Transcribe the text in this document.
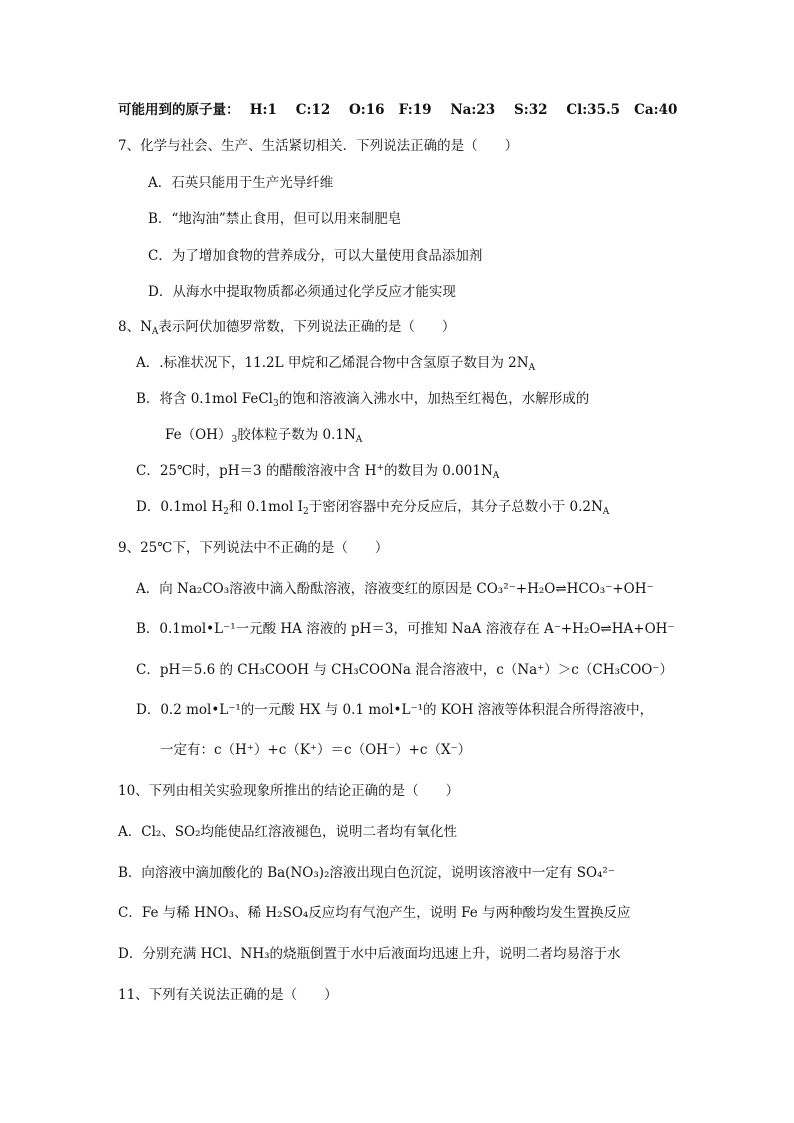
可能用到的原子量： H:1    C:12    O:16   F:19    Na:23    S:32    Cl:35.5   Ca:40
7、化学与社会、生产、生活紧切相关．下列说法正确的是（　　）
A．石英只能用于生产光导纤维
B．“地沟油”禁止食用，但可以用来制肥皂
C．为了增加食物的营养成分，可以大量使用食品添加剂
D．从海水中提取物质都必须通过化学反应才能实现
8、$N_A$表示阿伏加德罗常数，下列说法正确的是（　　）
A．.标准状况下，11.2L 甲烷和乙烯混合物中含氢原子数目为 $2N_A$
B．将含 0.1mol FeCl$_3$的饱和溶液滴入沸水中，加热至红褐色，水解形成的
$Fe(OH)_3$胶体粒子数为 $0.1N_A$
C．25℃时，pH＝3 的醋酸溶液中含 H+的数目为 $0.001N_A$
D．0.1mol $H_2$和 0.1mol $I_2$于密闭容器中充分反应后，其分子总数小于 $0.2N_A$
9、25℃下，下列说法中不正确的是（　　）
A．向 Na₂CO₃溶液中滴入酚酞溶液，溶液变红的原因是 CO₃²⁻+H₂O⇌HCO₃⁻+OH⁻
B．0.1mol•L⁻¹一元酸 HA 溶液的 pH＝3，可推知 NaA 溶液存在 A⁻+H₂O⇌HA+OH⁻
C．pH＝5.6 的 CH₃COOH 与 CH₃COONa 混合溶液中，c（Na⁺）＞c（CH₃COO⁻）
D．0.2 mol•L⁻¹的一元酸 HX 与 0.1 mol•L⁻¹的 KOH 溶液等体积混合所得溶液中，
一定有：c（H⁺）+c（K⁺）＝c（OH⁻）+c（X⁻）
10、下列由相关实验现象所推出的结论正确的是（　　）
A．Cl₂、SO₂均能使品红溶液褪色，说明二者均有氧化性
B．向溶液中滴加酸化的 Ba(NO₃)₂溶液出现白色沉淀，说明该溶液中一定有 SO₄²⁻
C．Fe 与稀 HNO₃、稀 H₂SO₄反应均有气泡产生，说明 Fe 与两种酸均发生置换反应
D．分别充满 HCl、NH₃的烧瓶倒置于水中后液面均迅速上升，说明二者均易溶于水
11、下列有关说法正确的是（　　）
